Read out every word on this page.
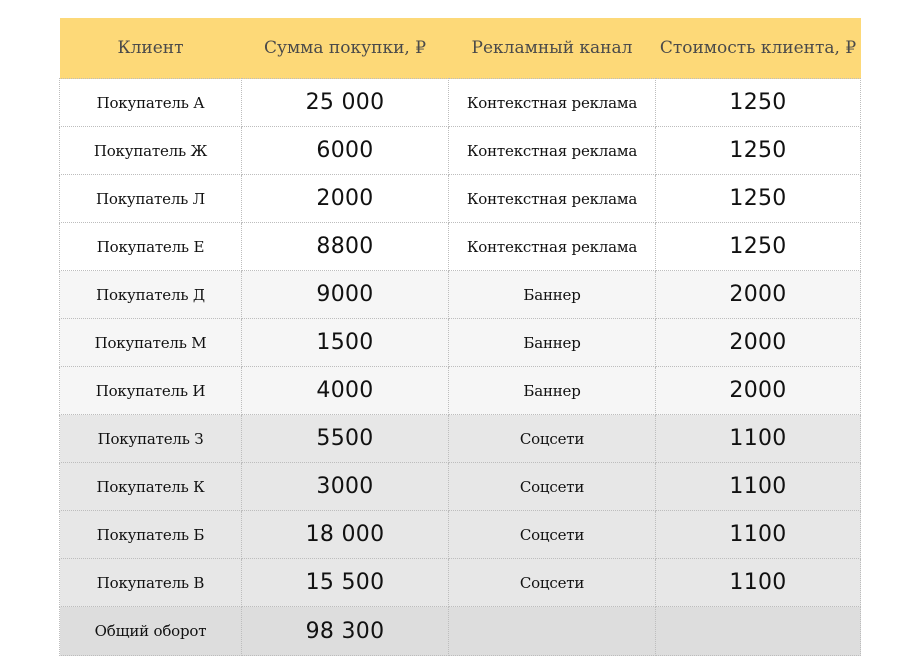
Клиент	Сумма покупки, ₽	Рекламный канал	Стоимость клиента, ₽
Покупатель А	25 000	Контекстная реклама	1250
Покупатель Ж	6000	Контекстная реклама	1250
Покупатель Л	2000	Контекстная реклама	1250
Покупатель Е	8800	Контекстная реклама	1250
Покупатель Д	9000	Баннер	2000
Покупатель М	1500	Баннер	2000
Покупатель И	4000	Баннер	2000
Покупатель З	5500	Соцсети	1100
Покупатель К	3000	Соцсети	1100
Покупатель Б	18 000	Соцсети	1100
Покупатель В	15 500	Соцсети	1100
Общий оборот	98 300		
